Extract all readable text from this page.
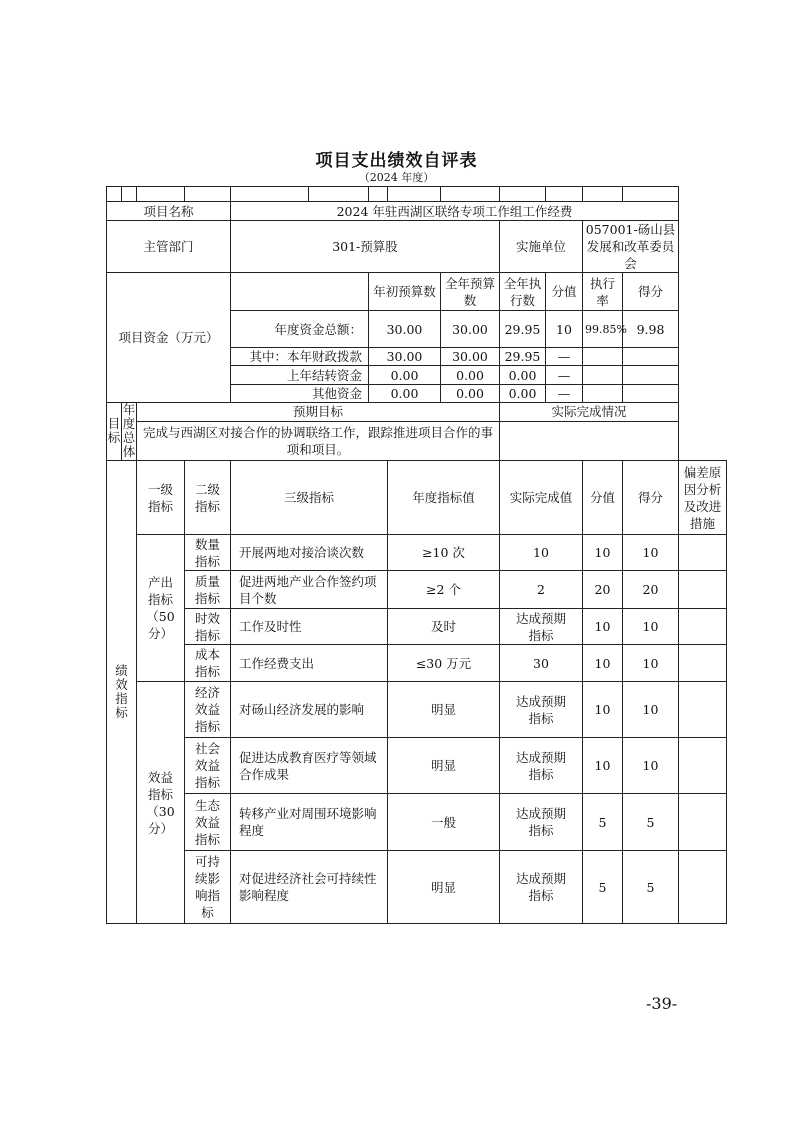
项目支出绩效自评表
（2024 年度）

项目名称				2024 年驻西湖区联络专项工作组工作经费									
主管部门				301-预算股					实施单位		057001-砀山县发展和改革委员会		
项目资金（万元）						年初预算数		全年预算数	全年执行数	分值	执行率	得分	
				年度资金总额：		30.00		30.00	29.95	10	99.85%	9.98	
				其中：本年财政拨款		30.00		30.00	29.95	—			
				上年结转资金		0.00		0.00	0.00	—			
				其他资金		0.00		0.00	0.00	—			
目标	年度总体	预期目标							实际完成情况				
		完成与西湖区对接合作的协调联络工作，跟踪推进项目合作的事项和项目。											
绩效指标		一级指标	二级指标	三级指标			年度指标值		实际完成值		分值	得分	偏差原因分析及改进措施
		产出指标（50分）	数量指标	开展两地对接洽谈次数			≥10 次		10		10	10	
			质量指标	促进两地产业合作签约项目个数			≥2 个		2		20	20	
			时效指标	工作及时性			及时		达成预期指标		10	10	
			成本指标	工作经费支出			≤30 万元		30		10	10	
		效益指标（30分）	经济效益指标	对砀山经济发展的影响			明显		达成预期指标		10	10	
			社会效益指标	促进达成教育医疗等领域合作成果			明显		达成预期指标		10	10	
			生态效益指标	转移产业对周围环境影响程度			一般		达成预期指标		5	5	
			可持续影响指标	对促进经济社会可持续性影响程度			明显		达成预期指标		5	5	
-39-
